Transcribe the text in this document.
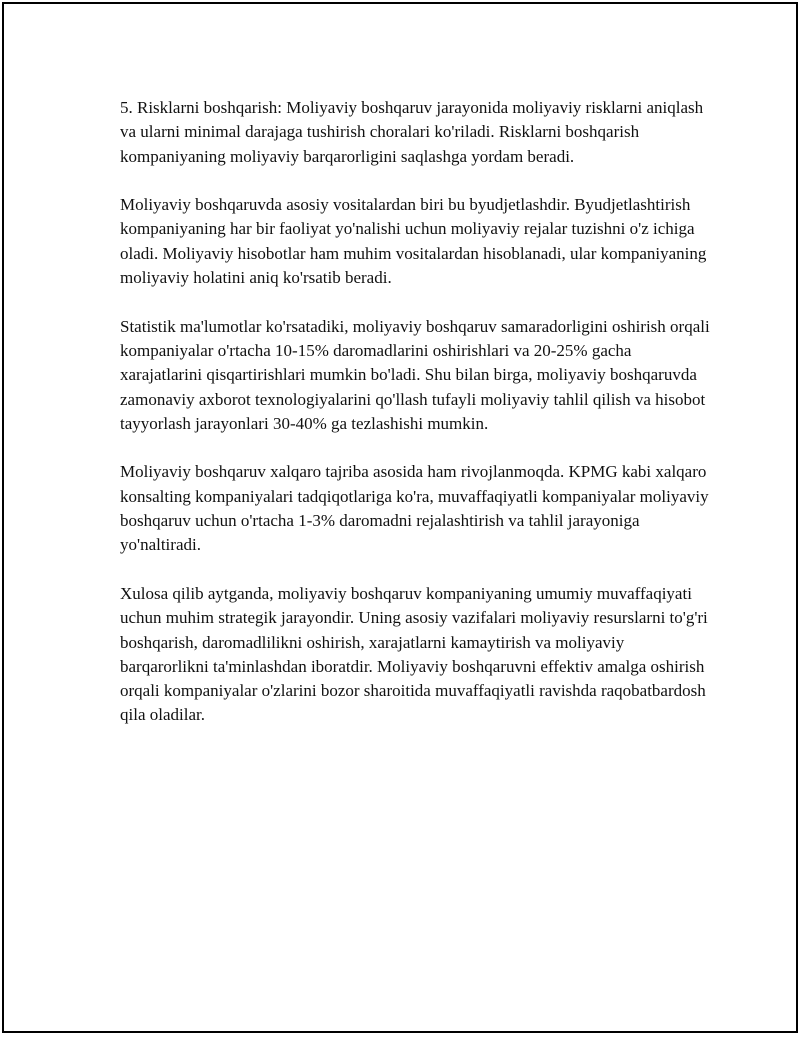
5. Risklarni boshqarish: Moliyaviy boshqaruv jarayonida moliyaviy risklarni aniqlash va ularni minimal darajaga tushirish choralari ko'riladi. Risklarni boshqarish kompaniyaning moliyaviy barqarorligini saqlashga yordam beradi.

Moliyaviy boshqaruvda asosiy vositalardan biri bu byudjetlashdir. Byudjetlashtirish kompaniyaning har bir faoliyat yo'nalishi uchun moliyaviy rejalar tuzishni o'z ichiga oladi. Moliyaviy hisobotlar ham muhim vositalardan hisoblanadi, ular kompaniyaning moliyaviy holatini aniq ko'rsatib beradi.

Statistik ma'lumotlar ko'rsatadiki, moliyaviy boshqaruv samaradorligini oshirish orqali kompaniyalar o'rtacha 10-15% daromadlarini oshirishlari va 20-25% gacha xarajatlarini qisqartirishlari mumkin bo'ladi. Shu bilan birga, moliyaviy boshqaruvda zamonaviy axborot texnologiyalarini qo'llash tufayli moliyaviy tahlil qilish va hisobot tayyorlash jarayonlari 30-40% ga tezlashishi mumkin.

Moliyaviy boshqaruv xalqaro tajriba asosida ham rivojlanmoqda. KPMG kabi xalqaro konsalting kompaniyalari tadqiqotlariga ko'ra, muvaffaqiyatli kompaniyalar moliyaviy boshqaruv uchun o'rtacha 1-3% daromadni rejalashtirish va tahlil jarayoniga yo'naltiradi.

Xulosa qilib aytganda, moliyaviy boshqaruv kompaniyaning umumiy muvaffaqiyati uchun muhim strategik jarayondir. Uning asosiy vazifalari moliyaviy resurslarni to'g'ri boshqarish, daromadlilikni oshirish, xarajatlarni kamaytirish va moliyaviy barqarorlikni ta'minlashdan iboratdir. Moliyaviy boshqaruvni effektiv amalga oshirish orqali kompaniyalar o'zlarini bozor sharoitida muvaffaqiyatli ravishda raqobatbardosh qila oladilar.
